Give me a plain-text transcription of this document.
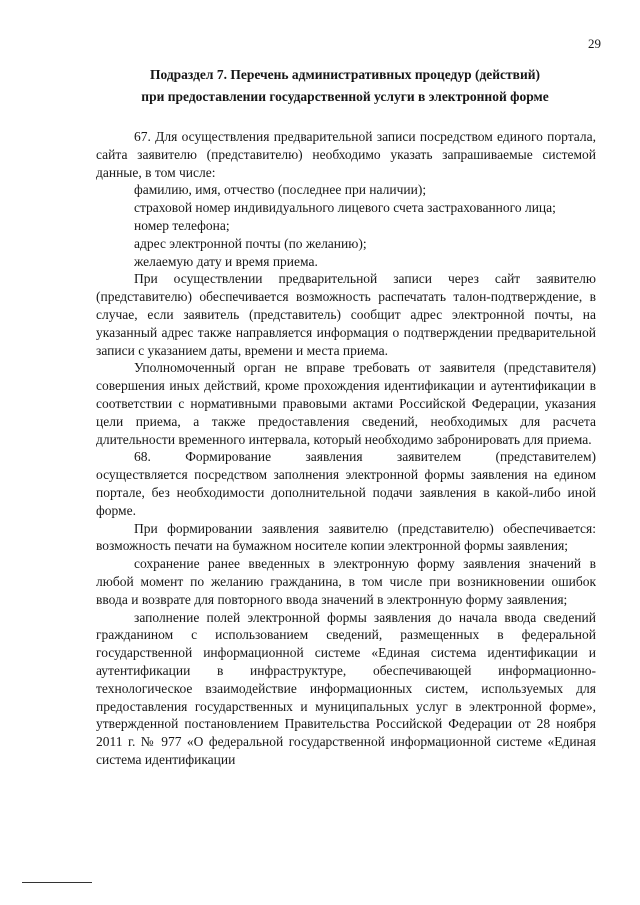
29
Подраздел 7. Перечень административных процедур (действий)
при предоставлении государственной услуги в электронной форме

67. Для осуществления предварительной записи посредством единого портала, сайта заявителю (представителю) необходимо указать запрашиваемые системой данные, в том числе:

фамилию, имя, отчество (последнее при наличии);

страховой номер индивидуального лицевого счета застрахованного лица;

номер телефона;

адрес электронной почты (по желанию);

желаемую дату и время приема.

При осуществлении предварительной записи через сайт заявителю (представителю) обеспечивается возможность распечатать талон-подтверждение, в случае, если заявитель (представитель) сообщит адрес электронной почты, на указанный адрес также направляется информация о подтверждении предварительной записи с указанием даты, времени и места приема.

Уполномоченный орган не вправе требовать от заявителя (представителя) совершения иных действий, кроме прохождения идентификации и аутентификации в соответствии с нормативными правовыми актами Российской Федерации, указания цели приема, а также предоставления сведений, необходимых для расчета длительности временного интервала, который необходимо забронировать для приема.

68. Формирование заявления заявителем (представителем)

осуществляется посредством заполнения электронной формы заявления на едином портале, без необходимости дополнительной подачи заявления в какой-либо иной форме.

При формировании заявления заявителю (представителю) обеспечивается: возможность печати на бумажном носителе копии электронной формы заявления;

сохранение ранее введенных в электронную форму заявления значений в любой момент по желанию гражданина, в том числе при возникновении ошибок ввода и возврате для повторного ввода значений в электронную форму заявления;

заполнение полей электронной формы заявления до начала ввода сведений гражданином с использованием сведений, размещенных в федеральной государственной информационной системе «Единая система идентификации и аутентификации в инфраструктуре, обеспечивающей информационно- технологическое взаимодействие информационных систем, используемых для предоставления государственных и муниципальных услуг в электронной форме», утвержденной постановлением Правительства Российской Федерации от 28 ноября 2011 г. № 977 «О федеральной государственной информационной системе «Единая система идентификации
